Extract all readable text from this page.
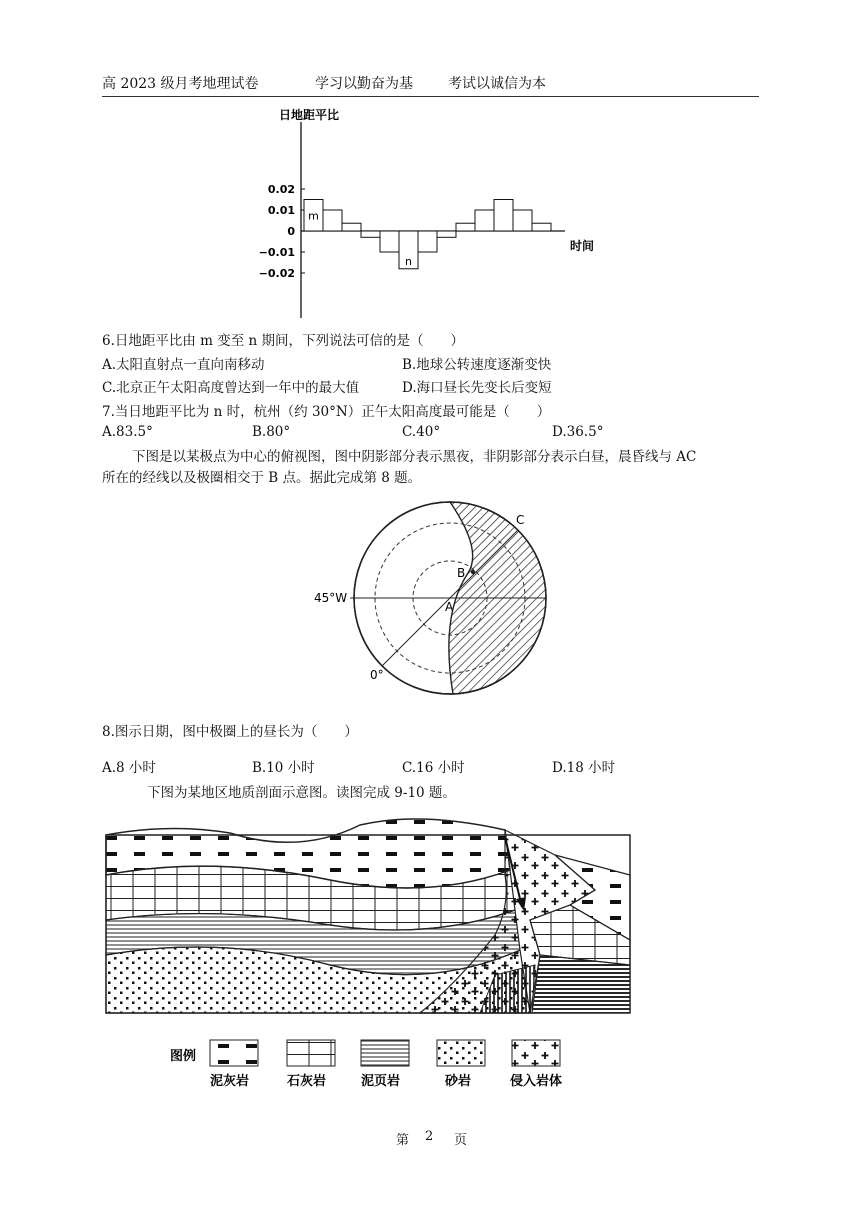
高 2023 级月考地理试卷	学习以勤奋为基	考试以诚信为本
日地距平比
时间
0.02
0.01
0
−0.01
−0.02
m
n
6.日地距平比由 m 变至 n 期间，下列说法可信的是（　　）
A.太阳直射点一直向南移动	B.地球公转速度逐渐变快
C.北京正午太阳高度曾达到一年中的最大值	D.海口昼长先变长后变短
7.当日地距平比为 n 时，杭州（约 30°N）正午太阳高度最可能是（　　）
A.83.5°	B.80°	C.40°	D.36.5°
下图是以某极点为中心的俯视图，图中阴影部分表示黑夜，非阴影部分表示白昼，晨昏线与 AC
所在的经线以及极圈相交于 B 点。据此完成第 8 题。
C
B
A
45°W
0°
8.图示日期，图中极圈上的昼长为（　　）
A.8 小时	B.10 小时	C.16 小时	D.18 小时
下图为某地区地质剖面示意图。读图完成 9-10 题。
图例
泥灰岩	石灰岩	泥页岩	砂岩	侵入岩体
第 2 页
